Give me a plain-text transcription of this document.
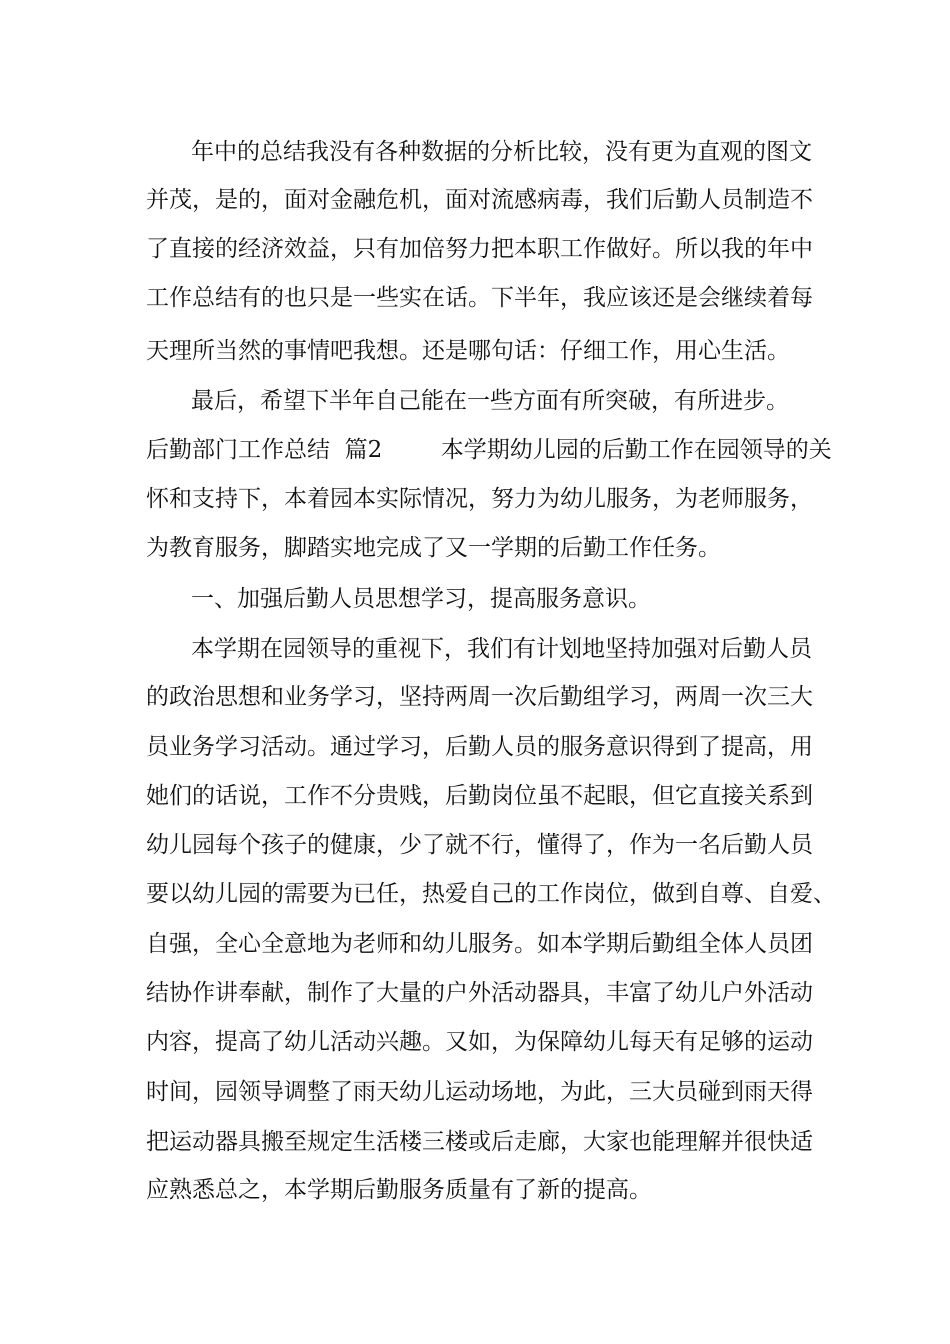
年中的总结我没有各种数据的分析比较，没有更为直观的图文
并茂，是的，面对金融危机，面对流感病毒，我们后勤人员制造不
了直接的经济效益，只有加倍努力把本职工作做好。所以我的年中
工作总结有的也只是一些实在话。下半年，我应该还是会继续着每
天理所当然的事情吧我想。还是哪句话：仔细工作，用心生活。
最后，希望下半年自己能在一些方面有所突破，有所进步。
后勤部门工作总结  篇2        本学期幼儿园的后勤工作在园领导的关
怀和支持下，本着园本实际情况，努力为幼儿服务，为老师服务，
为教育服务，脚踏实地完成了又一学期的后勤工作任务。
一、加强后勤人员思想学习，提高服务意识。
本学期在园领导的重视下，我们有计划地坚持加强对后勤人员
的政治思想和业务学习，坚持两周一次后勤组学习，两周一次三大
员业务学习活动。通过学习，后勤人员的服务意识得到了提高，用
她们的话说，工作不分贵贱，后勤岗位虽不起眼，但它直接关系到
幼儿园每个孩子的健康，少了就不行，懂得了，作为一名后勤人员
要以幼儿园的需要为已任，热爱自己的工作岗位，做到自尊、自爱、
自强，全心全意地为老师和幼儿服务。如本学期后勤组全体人员团
结协作讲奉献，制作了大量的户外活动器具，丰富了幼儿户外活动
内容，提高了幼儿活动兴趣。又如，为保障幼儿每天有足够的运动
时间，园领导调整了雨天幼儿运动场地，为此，三大员碰到雨天得
把运动器具搬至规定生活楼三楼或后走廊，大家也能理解并很快适
应熟悉总之，本学期后勤服务质量有了新的提高。
